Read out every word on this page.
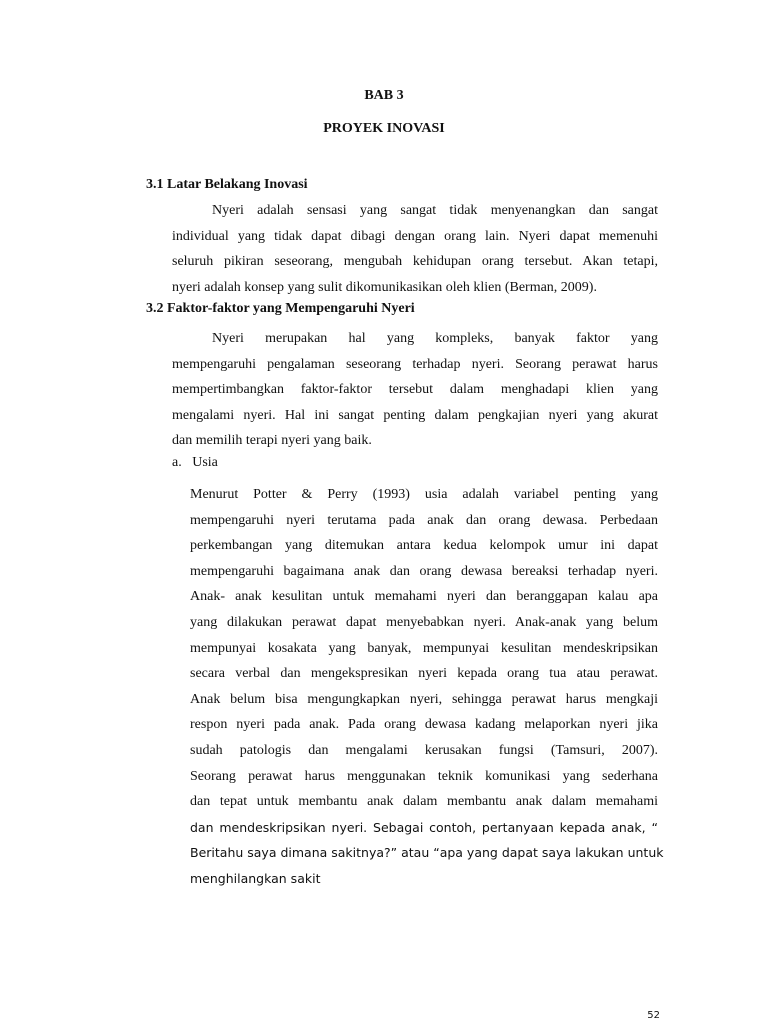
BAB 3
PROYEK INOVASI
3.1 Latar Belakang Inovasi
Nyeri adalah sensasi yang sangat tidak menyenangkan dan sangat
individual yang tidak dapat dibagi dengan orang lain. Nyeri dapat memenuhi
seluruh pikiran seseorang, mengubah kehidupan orang tersebut. Akan tetapi,
nyeri adalah konsep yang sulit dikomunikasikan oleh klien (Berman, 2009).
3.2 Faktor-faktor yang Mempengaruhi Nyeri
Nyeri merupakan hal yang kompleks, banyak faktor yang
mempengaruhi pengalaman seseorang terhadap nyeri. Seorang perawat harus
mempertimbangkan faktor-faktor tersebut dalam menghadapi klien yang
mengalami nyeri. Hal ini sangat penting dalam pengkajian nyeri yang akurat
dan memilih terapi nyeri yang baik.
a.   Usia
Menurut Potter & Perry (1993) usia adalah variabel penting yang
mempengaruhi nyeri terutama pada anak dan orang dewasa. Perbedaan
perkembangan yang ditemukan antara kedua kelompok umur ini dapat
mempengaruhi bagaimana anak dan orang dewasa bereaksi terhadap nyeri.
Anak- anak kesulitan untuk memahami nyeri dan beranggapan kalau apa
yang dilakukan perawat dapat menyebabkan nyeri. Anak-anak yang belum
mempunyai kosakata yang banyak, mempunyai kesulitan mendeskripsikan
secara verbal dan mengekspresikan nyeri kepada orang tua atau perawat.
Anak belum bisa mengungkapkan nyeri, sehingga perawat harus mengkaji
respon nyeri pada anak. Pada orang dewasa kadang melaporkan nyeri jika
sudah patologis dan mengalami kerusakan fungsi (Tamsuri, 2007).
Seorang perawat harus menggunakan teknik komunikasi yang sederhana
dan tepat untuk membantu anak dalam membantu anak dalam memahami
dan mendeskripsikan nyeri. Sebagai contoh, pertanyaan kepada anak, “
Beritahu saya dimana sakitnya?” atau “apa yang dapat saya lakukan untuk
menghilangkan sakit
52
